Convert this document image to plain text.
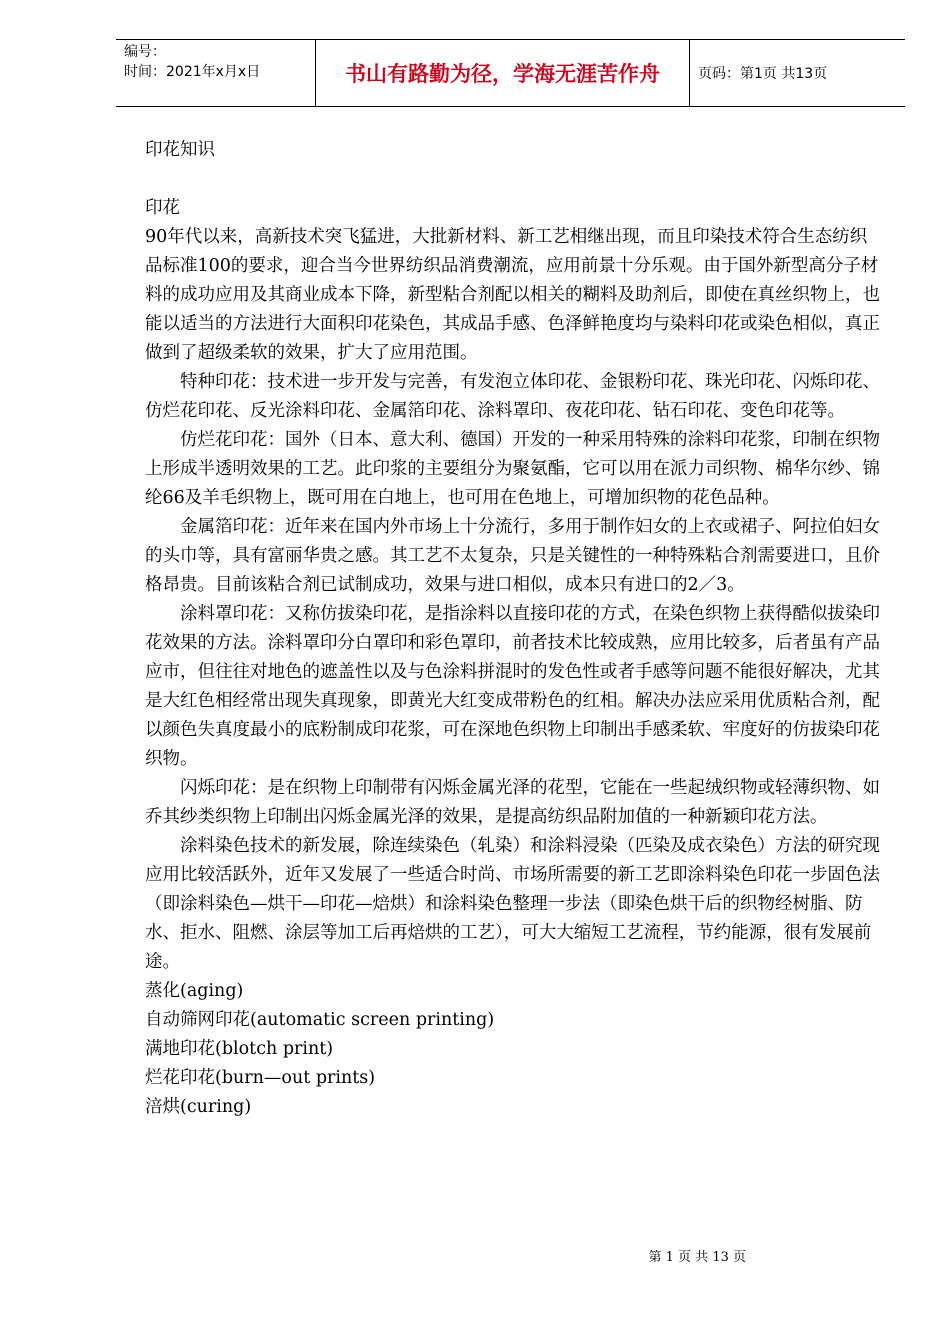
编号：
时间：2021年x月x日	书山有路勤为径，学海无涯苦作舟	页码：第1页 共13页

印花知识

印花

90年代以来，高新技术突飞猛进，大批新材料、新工艺相继出现，而且印染技术符合生态纺织品标准100的要求，迎合当今世界纺织品消费潮流，应用前景十分乐观。由于国外新型高分子材料的成功应用及其商业成本下降，新型粘合剂配以相关的糊料及助剂后，即使在真丝织物上，也能以适当的方法进行大面积印花染色，其成品手感、色泽鲜艳度均与染料印花或染色相似，真正做到了超级柔软的效果，扩大了应用范围。

特种印花：技术进一步开发与完善，有发泡立体印花、金银粉印花、珠光印花、闪烁印花、仿烂花印花、反光涂料印花、金属箔印花、涂料罩印、夜花印花、钻石印花、变色印花等。

仿烂花印花：国外（日本、意大利、德国）开发的一种采用特殊的涂料印花浆，印制在织物上形成半透明效果的工艺。此印浆的主要组分为聚氨酯，它可以用在派力司织物、棉华尔纱、锦纶66及羊毛织物上，既可用在白地上，也可用在色地上，可增加织物的花色品种。

金属箔印花：近年来在国内外市场上十分流行，多用于制作妇女的上衣或裙子、阿拉伯妇女的头巾等，具有富丽华贵之感。其工艺不太复杂，只是关键性的一种特殊粘合剂需要进口，且价格昂贵。目前该粘合剂已试制成功，效果与进口相似，成本只有进口的2／3。

涂料罩印花：又称仿拔染印花，是指涂料以直接印花的方式，在染色织物上获得酷似拔染印花效果的方法。涂料罩印分白罩印和彩色罩印，前者技术比较成熟，应用比较多，后者虽有产品应市，但往往对地色的遮盖性以及与色涂料拼混时的发色性或者手感等问题不能很好解决，尤其是大红色相经常出现失真现象，即黄光大红变成带粉色的红相。解决办法应采用优质粘合剂，配以颜色失真度最小的底粉制成印花浆，可在深地色织物上印制出手感柔软、牢度好的仿拔染印花织物。

闪烁印花：是在织物上印制带有闪烁金属光泽的花型，它能在一些起绒织物或轻薄织物、如乔其纱类织物上印制出闪烁金属光泽的效果，是提高纺织品附加值的一种新颖印花方法。

涂料染色技术的新发展，除连续染色（轧染）和涂料浸染（匹染及成衣染色）方法的研究现应用比较活跃外，近年又发展了一些适合时尚、市场所需要的新工艺即涂料染色印花一步固色法（即涂料染色—烘干—印花—焙烘）和涂料染色整理一步法（即染色烘干后的织物经树脂、防水、拒水、阻燃、涂层等加工后再焙烘的工艺），可大大缩短工艺流程，节约能源，很有发展前途。

蒸化(aging)

自动筛网印花(automatic screen printing)

满地印花(blotch print)

烂花印花(burn—out prints)

涪烘(curing)

第 1 页 共 13 页
